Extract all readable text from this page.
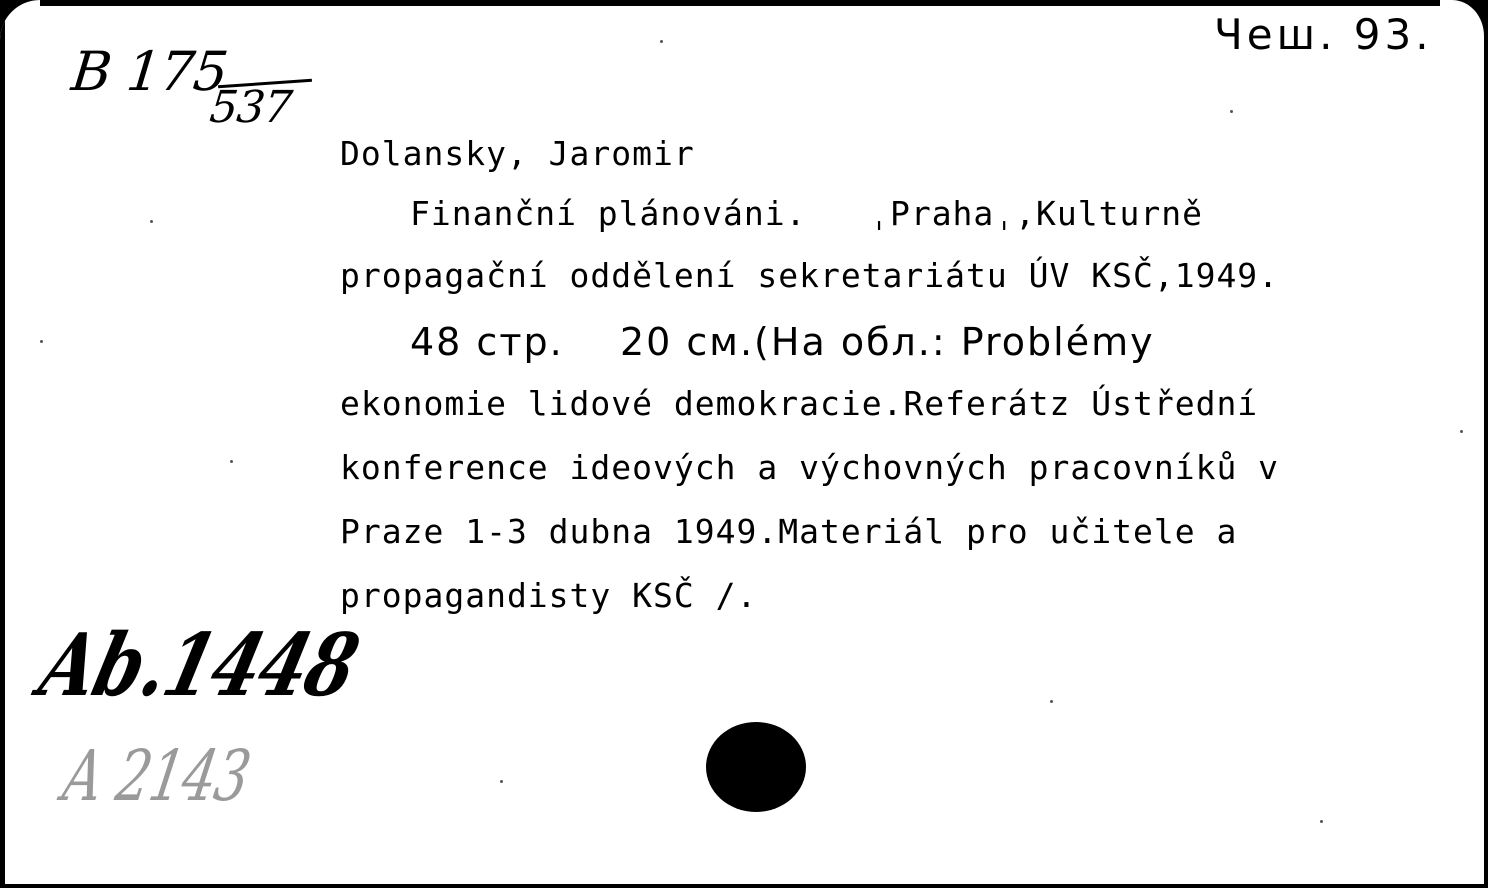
B 175
537
Чеш. 93.
Dolansky, Jaromir
Finanční plánováni.   ˌPrahaˌ,Kulturně
propagační oddělení sekretariátu ÚV KSČ,1949.
48 стр.    20 см.(На обл.: Problémy
ekonomie lidové demokracie.Referátz Ústřední
konference ideových a výchovných pracovníků v
Praze 1-3 dubna 1949.Materiál pro učitele a
propagandisty KSČ /.
Ab.1448
A 2143
